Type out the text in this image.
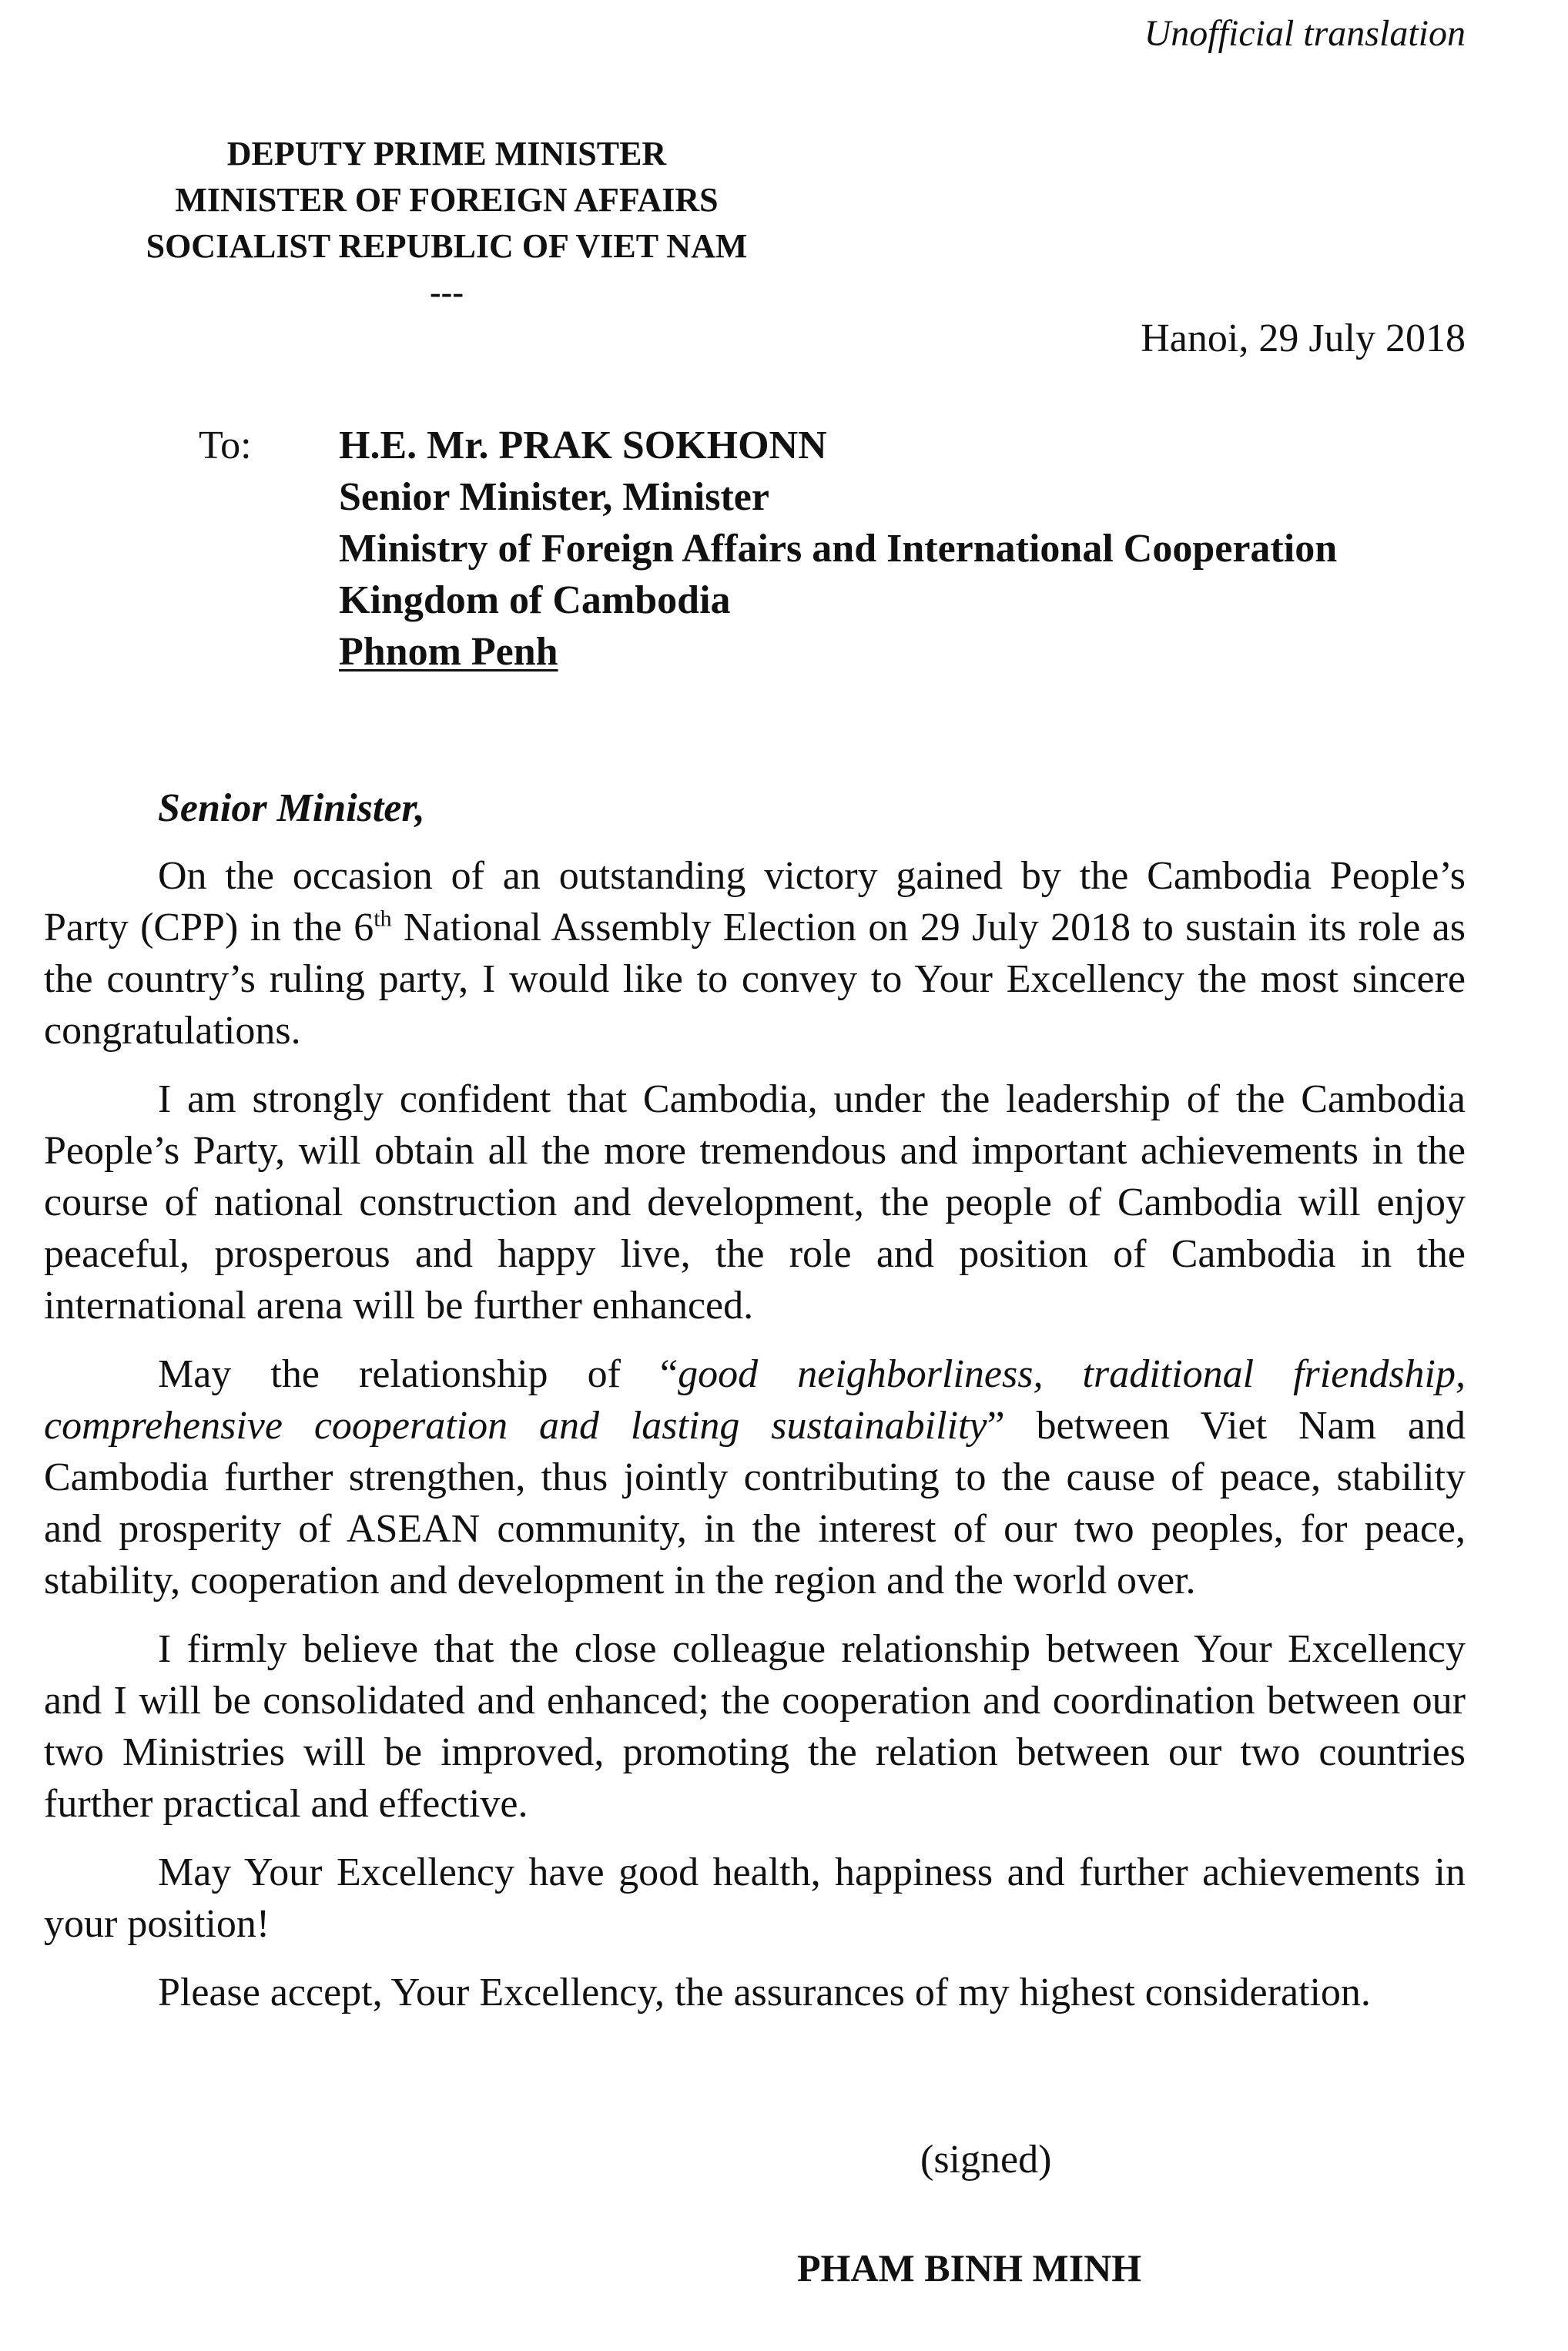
Unofficial translation
DEPUTY PRIME MINISTER
MINISTER OF FOREIGN AFFAIRS
SOCIALIST REPUBLIC OF VIET NAM
---
Hanoi, 29 July 2018
To: H.E. Mr. PRAK SOKHONN
Senior Minister, Minister
Ministry of Foreign Affairs and International Cooperation
Kingdom of Cambodia
Phnom Penh
Senior Minister,

On the occasion of an outstanding victory gained by the Cambodia People’s Party (CPP) in the 6th National Assembly Election on 29 July 2018 to sustain its role as the country’s ruling party, I would like to convey to Your Excellency the most sincere congratulations.

I am strongly confident that Cambodia, under the leadership of the Cambodia People’s Party, will obtain all the more tremendous and important achievements in the course of national construction and development, the people of Cambodia will enjoy peaceful, prosperous and happy live, the role and position of Cambodia in the international arena will be further enhanced.

May the relationship of “good neighborliness, traditional friendship, comprehensive cooperation and lasting sustainability” between Viet Nam and Cambodia further strengthen, thus jointly contributing to the cause of peace, stability and prosperity of ASEAN community, in the interest of our two peoples, for peace, stability, cooperation and development in the region and the world over.

I firmly believe that the close colleague relationship between Your Excellency and I will be consolidated and enhanced; the cooperation and coordination between our two Ministries will be improved, promoting the relation between our two countries further practical and effective.

May Your Excellency have good health, happiness and further achievements in your position!

Please accept, Your Excellency, the assurances of my highest consideration.

(signed)
PHAM BINH MINH
